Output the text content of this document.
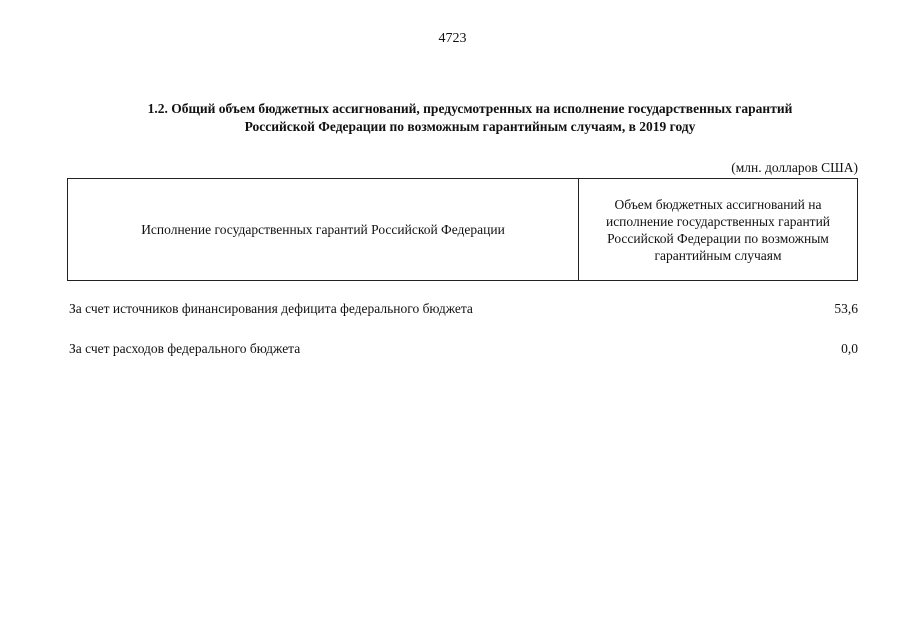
4723
1.2. Общий объем бюджетных ассигнований, предусмотренных на исполнение государственных гарантий
Российской Федерации по возможным гарантийным случаям, в 2019 году
(млн. долларов США)
Исполнение государственных гарантий Российской Федерации
Объем бюджетных ассигнований на исполнение государственных гарантий Российской Федерации по возможным гарантийным случаям
За счет источников финансирования дефицита федерального бюджета	53,6
За счет расходов федерального бюджета	0,0
